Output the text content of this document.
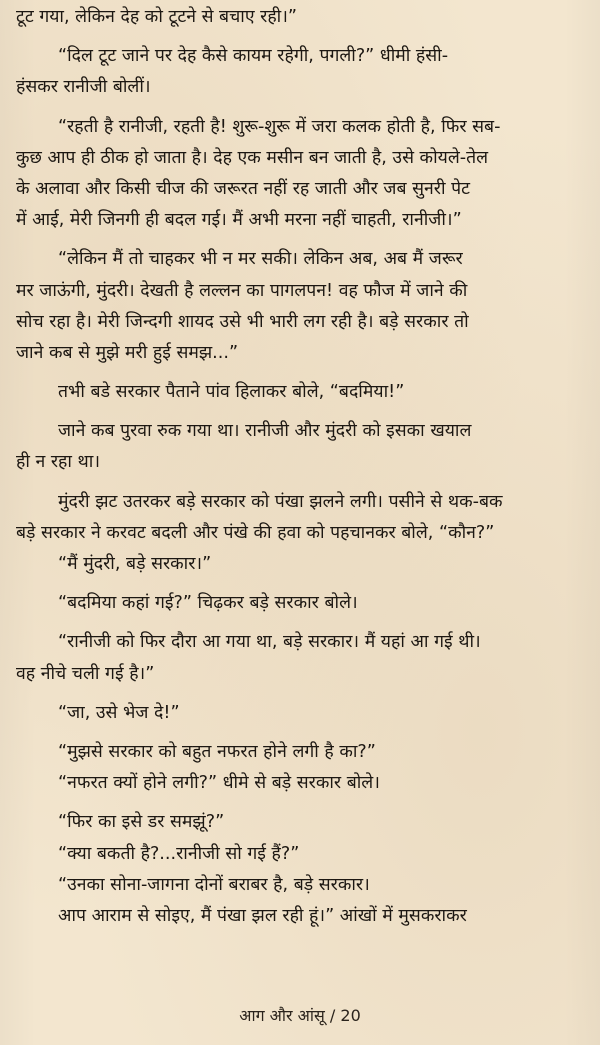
टूट गया, लेकिन देह को टूटने से बचाए रही।”
“दिल टूट जाने पर देह कैसे कायम रहेगी, पगली?” धीमी हंसी-
हंसकर रानीजी बोलीं।
“रहती है रानीजी, रहती है! शुरू-शुरू में जरा कलक होती है, फिर सब-
कुछ आप ही ठीक हो जाता है। देह एक मसीन बन जाती है, उसे कोयले-तेल
के अलावा और किसी चीज की जरूरत नहीं रह जाती और जब सुनरी पेट
में आई, मेरी जिनगी ही बदल गई। मैं अभी मरना नहीं चाहती, रानीजी।”
“लेकिन मैं तो चाहकर भी न मर सकी। लेकिन अब, अब मैं जरूर
मर जाऊंगी, मुंदरी। देखती है लल्लन का पागलपन! वह फौज में जाने की
सोच रहा है। मेरी जिन्दगी शायद उसे भी भारी लग रही है। बड़े सरकार तो
जाने कब से मुझे मरी हुई समझ...”
तभी बडे सरकार पैताने पांव हिलाकर बोले, “बदमिया!”
जाने कब पुरवा रुक गया था। रानीजी और मुंदरी को इसका खयाल
ही न रहा था।
मुंदरी झट उतरकर बड़े सरकार को पंखा झलने लगी। पसीने से थक-बक
बड़े सरकार ने करवट बदली और पंखे की हवा को पहचानकर बोले, “कौन?”
“मैं मुंदरी, बड़े सरकार।”
“बदमिया कहां गई?” चिढ़कर बड़े सरकार बोले।
“रानीजी को फिर दौरा आ गया था, बड़े सरकार। मैं यहां आ गई थी।
वह नीचे चली गई है।”
“जा, उसे भेज दे!”
“मुझसे सरकार को बहुत नफरत होने लगी है का?”
“नफरत क्यों होने लगी?” धीमे से बड़े सरकार बोले।
“फिर का इसे डर समझूं?”
“क्या बकती है?...रानीजी सो गई हैं?”
“उनका सोना-जागना दोनों बराबर है, बड़े सरकार।
आप आराम से सोइए, मैं पंखा झल रही हूं।” आंखों में मुसकराकर
आग और आंसू / 20
